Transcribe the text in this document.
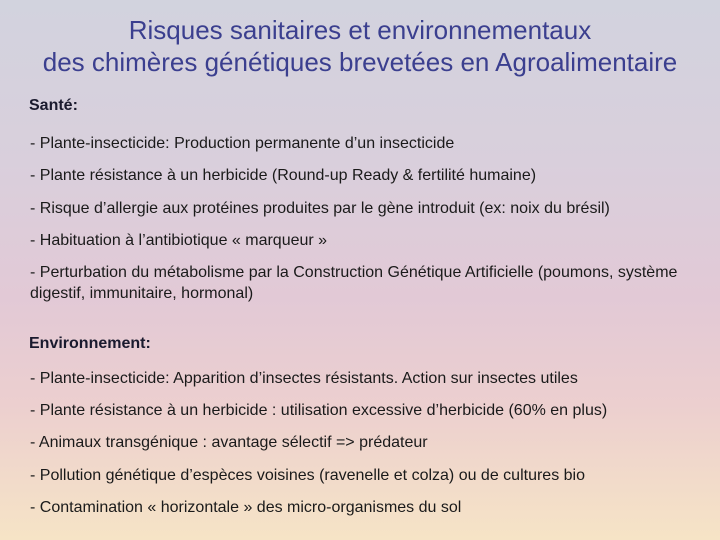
Risques sanitaires et environnementaux
des chimères génétiques brevetées en Agroalimentaire
Santé:
- Plante-insecticide: Production permanente d’un insecticide
- Plante résistance à un herbicide (Round-up Ready & fertilité humaine)
- Risque d’allergie aux protéines produites par le gène introduit (ex: noix du brésil)
- Habituation à l’antibiotique « marqueur »
- Perturbation du métabolisme par la Construction Génétique Artificielle (poumons, système digestif, immunitaire, hormonal)
Environnement:
- Plante-insecticide: Apparition d’insectes résistants. Action sur insectes utiles
- Plante résistance à un herbicide : utilisation excessive d’herbicide (60% en plus)
- Animaux transgénique : avantage sélectif => prédateur
- Pollution génétique d’espèces voisines (ravenelle et colza) ou de cultures bio
- Contamination « horizontale » des micro-organismes du sol
